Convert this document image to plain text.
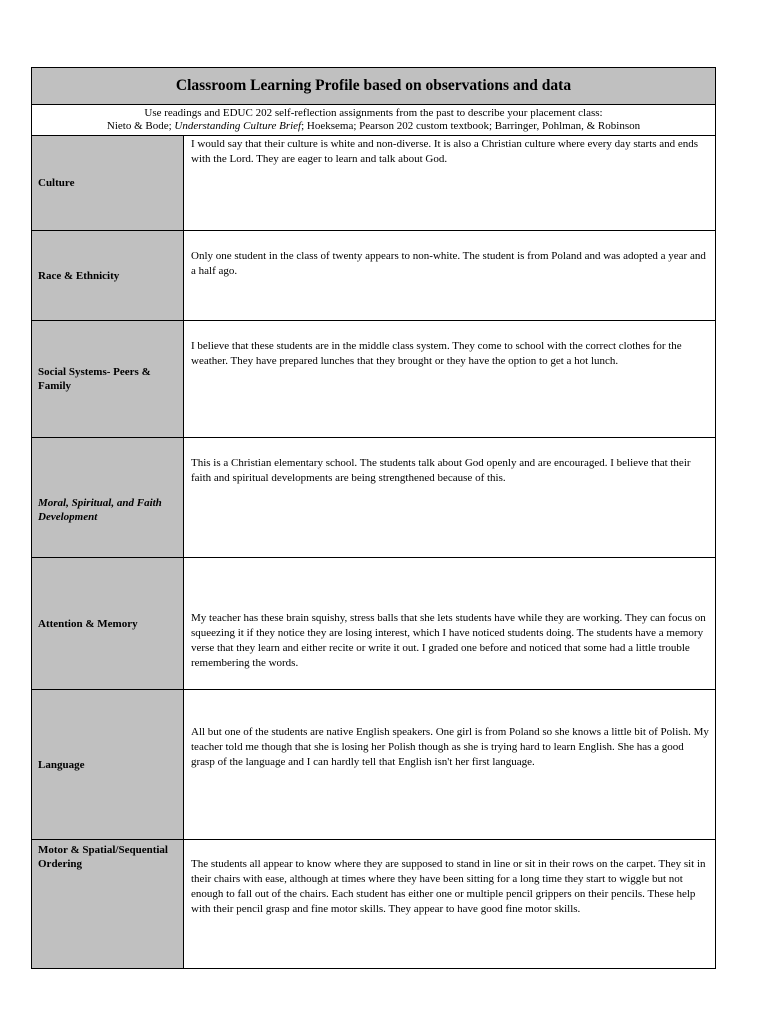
Classroom Learning Profile based on observations and data
Use readings and EDUC 202 self-reflection assignments from the past to describe your placement class:
Nieto & Bode; Understanding Culture Brief; Hoeksema; Pearson 202 custom textbook; Barringer, Pohlman, & Robinson
Culture
I would say that their culture is white and non-diverse. It is also a Christian culture where every day starts and ends with the Lord. They are eager to learn and talk about God.
Race & Ethnicity
Only one student in the class of twenty appears to non-white. The student is from Poland and was adopted a year and a half ago.
Social Systems- Peers & Family
I believe that these students are in the middle class system. They come to school with the correct clothes for the weather. They have prepared lunches that they brought or they have the option to get a hot lunch.
Moral, Spiritual, and Faith Development
This is a Christian elementary school. The students talk about God openly and are encouraged. I believe that their faith and spiritual developments are being strengthened because of this.
Attention & Memory	My teacher has these brain squishy, stress balls that she lets students have while they are working. They can focus on squeezing it if they notice they are losing interest, which I have noticed students doing. The students have a memory verse that they learn and either recite or write it out. I graded one before and noticed that some had a little trouble remembering the words.
Language
All but one of the students are native English speakers. One girl is from Poland so she knows a little bit of Polish. My teacher told me though that she is losing her Polish though as she is trying hard to learn English. She has a good grasp of the language and I can hardly tell that English isn't her first language.
Motor & Spatial/Sequential Ordering	The students all appear to know where they are supposed to stand in line or sit in their rows on the carpet. They sit in their chairs with ease, although at times where they have been sitting for a long time they start to wiggle but not enough to fall out of the chairs. Each student has either one or multiple pencil grippers on their pencils. These help with their pencil grasp and fine motor skills. They appear to have good fine motor skills.
